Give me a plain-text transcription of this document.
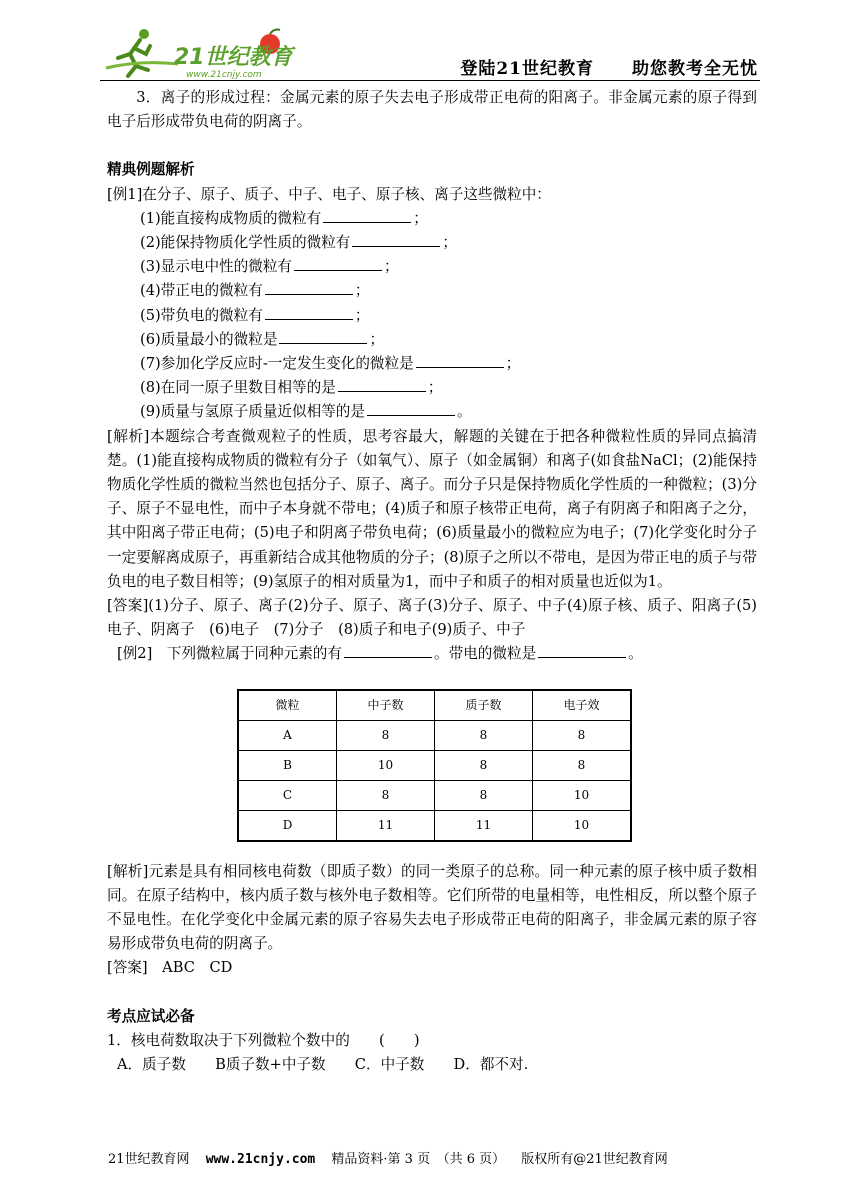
21世纪教育
www.21cnjy.com	登陆21世纪教育 助您教考全无忧

3．离子的形成过程：金属元素的原子失去电子形成带正电荷的阳离子。非金属元素的原子得到电子后形成带负电荷的阴离子。

精典例题解析

[例1]在分子、原子、质子、中子、电子、原子核、离子这些微粒中：

(1)能直接构成物质的微粒有	；

(2)能保持物质化学性质的微粒有	；

(3)显示电中性的微粒有	；

(4)带正电的微粒有	；

(5)带负电的微粒有	；

(6)质量最小的微粒是	；

(7)参加化学反应时-一定发生变化的微粒是	；

(8)在同一原子里数目相等的是	；

(9)质量与氢原子质量近似相等的是	。

[解析]本题综合考查微观粒子的性质，思考容最大，解题的关键在于把各种微粒性质的异同点搞清楚。(1)能直接构成物质的微粒有分子（如氧气）、原子（如金属铜）和离子(如食盐NaCl；(2)能保持物质化学性质的微粒当然也包括分子、原子、离子。而分子只是保持物质化学性质的一种微粒；(3)分子、原子不显电性，而中子本身就不带电；(4)质子和原子核带正电荷，离子有阴离子和阳离子之分，其中阳离子带正电荷；(5)电子和阴离子带负电荷；(6)质量最小的微粒应为电子；(7)化学变化时分子一定要解离成原子，再重新结合成其他物质的分子；(8)原子之所以不带电，是因为带正电的质子与带负电的电子数目相等；(9)氢原子的相对质量为1，而中子和质子的相对质量也近似为1。

[答案](1)分子、原子、离子(2)分子、原子、离子(3)分子、原子、中子(4)原子核、质子、阳离子(5)电子、阴离子　(6)电子　(7)分子　(8)质子和电子(9)质子、中子

[例2]　下列微粒属于同种元素的有	。带电的微粒是	。

微粒	中子数	质子数	电子效
A	8	8	8
B	10	8	8
C	8	8	10
D	11	11	10

[解析]元素是具有相同核电荷数（即质子数）的同一类原子的总称。同一种元素的原子核中质子数相同。在原子结构中，核内质子数与核外电子数相等。它们所带的电量相等，电性相反，所以整个原子不显电性。在化学变化中金属元素的原子容易失去电子形成带正电荷的阳离子，非金属元素的原子容易形成带负电荷的阴离子。

[答案]　ABC　CD

考点应试必备

1．核电荷数取决于下列微粒个数中的　　(　　)

A．质子数　　B质子数+中子数　　C．中子数　　D．都不对.

21世纪教育网 www.21cnjy.com 精品资料·第 3 页　（共 6 页） 版权所有@21世纪教育网
